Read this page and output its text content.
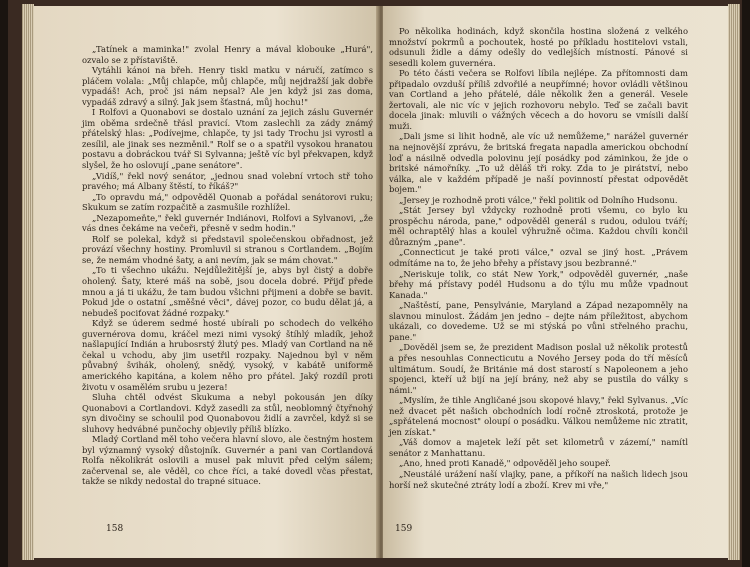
„Tatínek a maminka!" zvolal Henry a mával klobouke „Hurá", ozvalo se z přístaviště.

Vytáhli kánoi na břeh. Henry tiskl matku v náručí, zatímco s pláčem volala: „Můj chlapče, můj chlapče, můj nejdražší jak dobře vypadáš! Ach, proč jsi nám nepsal? Ale jen když jsi zas doma, vypadáš zdravý a silný. Jak jsem šťastná, můj hochu!"

I Rolfovi a Quonabovi se dostalo uznání za jejich záslu Guvernér jim oběma srdečně třásl pravicí. Vtom zaslechli za zády známý přátelský hlas: „Podívejme, chlapče, ty jsi tady Trochu jsi vyrostl a zesílil, ale jinak ses nezměnil." Rolf se o a spatřil vysokou hranatou postavu a dobráckou tvář Si Sylvanna; ještě víc byl překvapen, když slyšel, že ho oslovují „pane senátore".

„Vidíš," řekl nový senátor, „jednou snad volební vrtoch stř toho pravého; má Albany štěstí, to říkáš?"

„To opravdu má," odpověděl Quonab a pořádal senátorovi ruku; Skukum se zatím rozpačitě a zasmušile rozhlížel.

„Nezapomeňte," řekl guvernér Indiánovi, Rolfovi a Sylvanovi, „že vás dnes čekáme na večeři, přesně v sedm hodin."

Rolf se polekal, když si představil společenskou obřadnost, jež provází všechny hostiny. Promluvil si stranou s Cortlandem. „Bojím se, že nemám vhodné šaty, a ani nevím, jak se mám chovat."

„To ti všechno ukážu. Nejdůležitější je, abys byl čistý a dobře oholený. Šaty, které máš na sobě, jsou docela dobré. Přijď přede mnou a já ti ukážu, že tam budou všichni přijmeni a dobře se bavit. Pokud jde o ostatní „směšné věci", dávej pozor, co budu dělat já, a nebudeš pociťovat žádné rozpaky."

Když se úderem sedmé hosté ubírali po schodech do velkého guvernérova domu, kráčel mezi nimi vysoký štíhlý mladík, jehož našlapující Indián a hrubosrstý žlutý pes. Mladý van Cortland na ně čekal u vchodu, aby jim usetřil rozpaky. Najednou byl v něm půvabný švihák, oholený, snědý, vysoký, v kabátě uniformě amerického kapitána, a kolem něho pro přátel. Jaký rozdíl proti životu v osamělém srubu u jezera!

Sluha chtěl odvést Skukuma a nebyl pokousán jen díky Quonabovi a Cortlandovi. Když zasedli za stůl, neoblomný čtyřnohý syn divočiny se schoulil pod Quonabovou židlí a zavrčel, když si se sluhovy hedvábné punčochy objevily příliš blízko.

Mladý Cortland měl toho večera hlavní slovo, ale čestným hostem byl významný vysoký důstojník. Guvernér a pani van Cortlandová Rolfa několikrát oslovili a musel pak mluvit před celým sálem; začervenal se, ale věděl, co chce říci, a také dovedl včas přestat, takže se nikdy nedostal do trapné situace.

158

Po několika hodinách, když skončila hostina složená z velkého množství pokrmů a pochoutek, hosté po příkladu hostitelovi vstali, odsunuli židle a dámy odešly do vedlejších místností. Pánové si sesedli kolem guvernéra.

Po této části večera se Rolfovi líbila nejlépe. Za přítomnosti dam připadalo ovzduší příliš zdvořilé a neupřímné; hovor ovládli většinou van Cortland a jeho přátelé, dále několik žen a generál. Vesele žertovali, ale nic víc v jejich rozhovoru nebylo. Teď se začali bavit docela jinak: mluvili o vážných věcech a do hovoru se vmísili další muži.

„Dali jsme si lihit hodně, ale víc už nemůžeme," narážel guvernér na nejnovější zprávu, že britská fregata napadla americkou obchodní loď a násilně odvedla polovinu její posádky pod záminkou, že jde o britské námořníky. „To už děláš tři roky. Zda to je pirátství, nebo válka, ale v každém případě je naší povinností přestat odpovědět bojem."

„Jersey je rozhodně proti válce," řekl politik od Dolního Hudsonu.

„Stát Jersey byl vždycky rozhodně proti všemu, co bylo ku prospěchu národa, pane," odpověděl generál s rudou, odulou tváří; měl ochraptělý hlas a koulel výhružně očima. Každou chvíli končil důrazným „pane".

„Connecticut je také proti válce," ozval se jiný host. „Právem odmítáme na to, že jeho břehy a přístavy jsou bezbranné."

„Neriskuje tolik, co stát New York," odpověděl guvernér, „naše břehy má přístavy podél Hudsonu a do týlu mu může vpadnout Kanada."

„Naštěstí, pane, Pensylvánie, Maryland a Západ nezapomněly na slavnou minulost. Žádám jen jedno – dejte nám příležitost, abychom ukázali, co dovedeme. Už se mi stýská po vůni střelného prachu, pane."

„Dověděl jsem se, že prezident Madison poslal už několik protestů a přes nesouhlas Connecticutu a Nového Jersey poda do tří měsíců ultimátum. Soudí, že Británie má dost starostí s Napoleonem a jeho spojenci, kteří už bijí na její brány, než aby se pustila do války s námi."

„Myslím, že tihle Angličané jsou skopové hlavy," řekl Sylvanus. „Víc než dvacet pět našich obchodních lodí ročně ztroskotá, protože je „spřátelená mocnost" oloupí o posádku. Válkou nemůžeme nic ztratit, jen získat."

„Váš domov a majetek leží pět set kilometrů v zázemí," namítl senátor z Manhattanu.

„Ano, hned proti Kanadě," odpověděl jeho soupeř.

„Neustálé urážení naší vlajky, pane, a příkoří na našich lidech jsou horší než skutečné ztráty lodí a zboží. Krev mi vře,"

159
